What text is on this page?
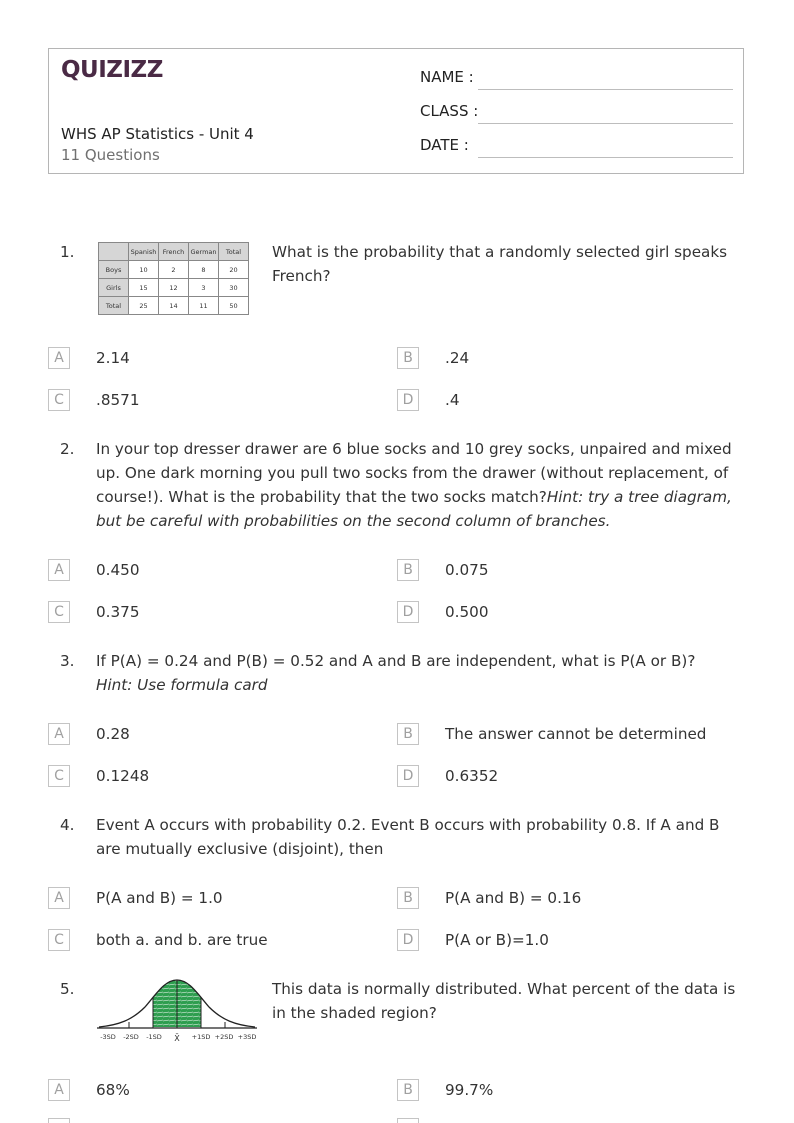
QUIZIZZ
WHS AP Statistics - Unit 4
11 Questions
NAME :
CLASS :
DATE :
1.
		Spanish	French	German	Total
Boys	10	2	8	20
Girls	15	12	3	30
Total	25	14	11	50
What is the probability that a randomly selected girl speaks French?
A	2.14	B	.24
C	.8571	D	.4
2. In your top dresser drawer are 6 blue socks and 10 grey socks, unpaired and mixed up. One dark morning you pull two socks from the drawer (without replacement, of course!). What is the probability that the two socks match?Hint: try a tree diagram, but be careful with probabilities on the second column of branches.
A	0.450	B	0.075
C	0.375	D	0.500
3. If P(A) = 0.24 and P(B) = 0.52 and A and B are independent, what is P(A or B)? Hint: Use formula card
A	0.28	B	The answer cannot be determined
C	0.1248	D	0.6352
4. Event A occurs with probability 0.2. Event B occurs with probability 0.8. If A and B are mutually exclusive (disjoint), then
A	P(A and B) = 1.0	B	P(A and B) = 0.16
C	both a. and b. are true	D	P(A or B)=1.0
5.
-3SD -2SD -1SD X̄ +1SD +2SD +3SD
This data is normally distributed. What percent of the data is in the shaded region?
A	68%	B	99.7%
